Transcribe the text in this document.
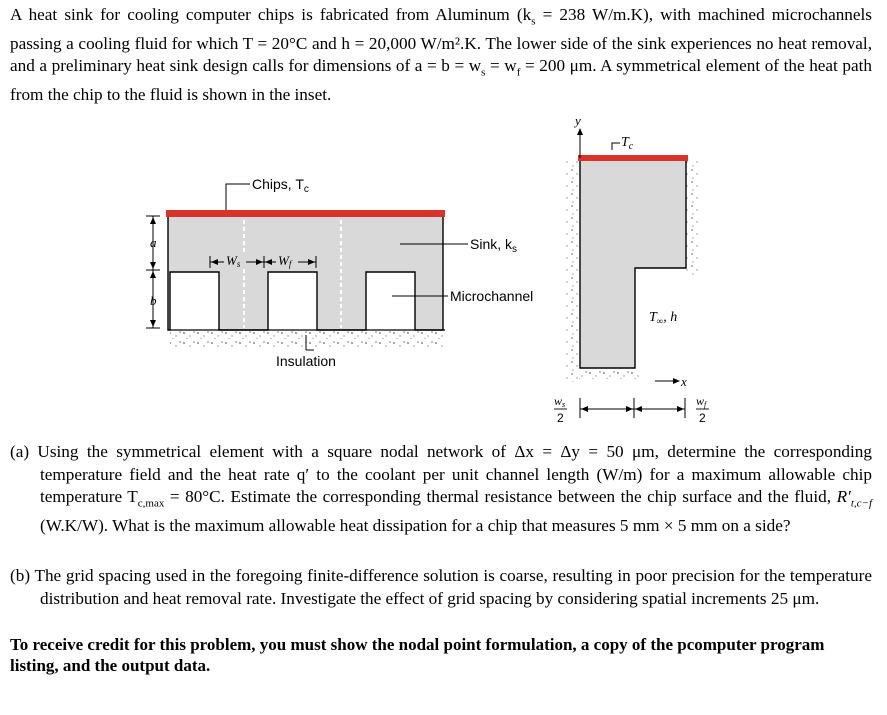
A heat sink for cooling computer chips is fabricated from Aluminum ($k_s = 238$ W/m.K), with machined microchannels passing a cooling fluid for which T = 20°C and h = 20,000 W/m².K. The lower side of the sink experiences no heat removal, and a preliminary heat sink design calls for dimensions of $a = b = w_s = w_f = 200$ μm. A symmetrical element of the heat path from the chip to the fluid is shown in the inset.

Chips, $T_c$
Sink, $k_s$
Microchannel
Insulation
a
b
Ws	Wf
y
$T_c$
$T_\infty$, h
x
ws
2
wf
2

(a) Using the symmetrical element with a square nodal network of Δx = Δy = 50 μm, determine the corresponding temperature field and the heat rate q′ to the coolant per unit channel length (W/m) for a maximum allowable chip temperature $T_{c,max} = 80^\circ C$. Estimate the corresponding thermal resistance between the chip surface and the fluid, $R'_{t,c-f}$ (W.K/W). What is the maximum allowable heat dissipation for a chip that measures 5 mm × 5 mm on a side?

(b) The grid spacing used in the foregoing finite-difference solution is coarse, resulting in poor precision for the temperature distribution and heat removal rate. Investigate the effect of grid spacing by considering spatial increments 25 μm.

To receive credit for this problem, you must show the nodal point formulation, a copy of the pcomputer program listing, and the output data.
